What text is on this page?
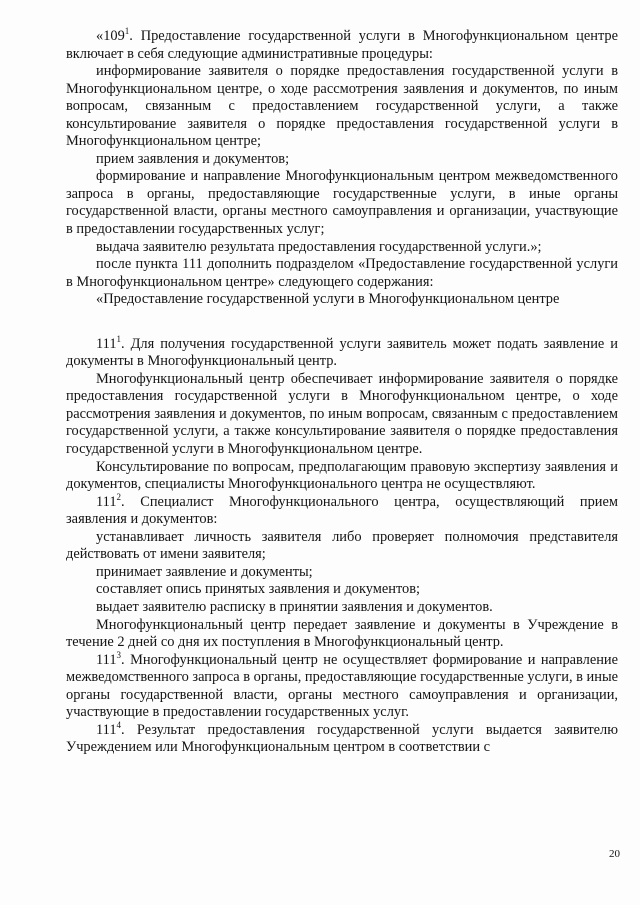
«$109^1$. Предоставление государственной услуги в Многофункциональном центре включает в себя следующие административные процедуры:

информирование заявителя о порядке предоставления государственной услуги в Многофункциональном центре, о ходе рассмотрения заявления и документов, по иным вопросам, связанным с предоставлением государственной услуги, а также консультирование заявителя о порядке предоставления государственной услуги в Многофункциональном центре;

прием заявления и документов;

формирование и направление Многофункциональным центром межведомственного запроса в органы, предоставляющие государственные услуги, в иные органы государственной власти, органы местного самоуправления и организации, участвующие в предоставлении государственных услуг;

выдача заявителю результата предоставления государственной услуги.»;

после пункта 111 дополнить подразделом «Предоставление государственной услуги в Многофункциональном центре» следующего содержания:

«Предоставление государственной услуги в Многофункциональном центре

$111^1$. Для получения государственной услуги заявитель может подать заявление и документы в Многофункциональный центр.

Многофункциональный центр обеспечивает информирование заявителя о порядке предоставления государственной услуги в Многофункциональном центре, о ходе рассмотрения заявления и документов, по иным вопросам, связанным с предоставлением государственной услуги, а также консультирование заявителя о порядке предоставления государственной услуги в Многофункциональном центре.

Консультирование по вопросам, предполагающим правовую экспертизу заявления и документов, специалисты Многофункционального центра не осуществляют.

$111^2$. Специалист Многофункционального центра, осуществляющий прием заявления и документов:

устанавливает личность заявителя либо проверяет полномочия представителя действовать от имени заявителя;

принимает заявление и документы;

составляет опись принятых заявления и документов;

выдает заявителю расписку в принятии заявления и документов.

Многофункциональный центр передает заявление и документы в Учреждение в течение 2 дней со дня их поступления в Многофункциональный центр.

$111^3$. Многофункциональный центр не осуществляет формирование и направление межведомственного запроса в органы, предоставляющие государственные услуги, в иные органы государственной власти, органы местного самоуправления и организации, участвующие в предоставлении государственных услуг.

$111^4$. Результат предоставления государственной услуги выдается заявителю Учреждением или Многофункциональным центром в соответствии с

20
